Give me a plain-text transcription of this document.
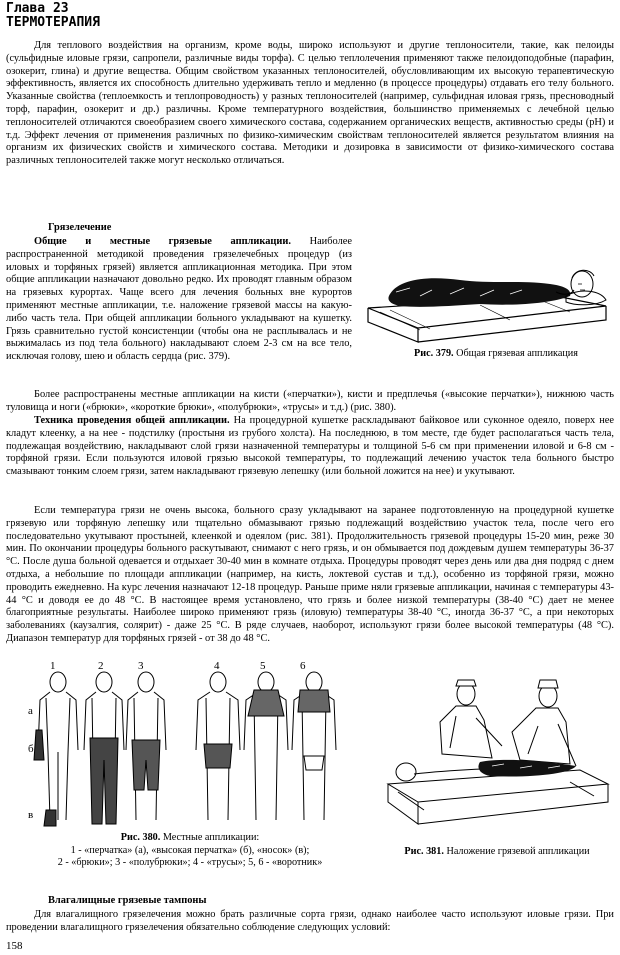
Глава 23

ТЕРМОТЕРАПИЯ

Для теплового воздействия на организм, кроме воды, широко используют и другие теплоносители, такие, как пелоиды (сульфидные иловые грязи, сапропели, различные виды торфа). С целью теплолечения применяют также пелоидоподобные (парафин, озокерит, глина) и другие вещества. Общим свойством указанных теплоносителей, обусловливающим их высокую терапевтическую эффективность, является их способность длительно удерживать тепло и медленно (в процессе процедуры) отдавать его телу больного. Указанные свойства (теплоемкость и теплопроводность) у разных теплоносителей (например, сульфидная иловая грязь, пресноводный торф, парафин, озокерит и др.) различны. Кроме температурного воздействия, большинство применяемых с лечебной целью теплоносителей отличаются своеобразием своего химического состава, содержанием органических веществ, активностью среды (рН) и т.д. Эффект лечения от применения различных по физико-химическим свойствам теплоносителей является результатом влияния на организм их физических свойств и химического состава. Методики и дозировка в зависимости от физико-химического состава различных теплоносителей также могут несколько отличаться.

Грязелечение

Общие и местные грязевые аппликации. Наиболее распространенной методикой проведения грязелечебных процедур (из иловых и торфяных грязей) является аппликационная методика. При этом общие аппликации назначают довольно редко. Их проводят главным образом на грязевых курортах. Чаще всего для лечения больных вне курортов применяют местные аппликации, т.е. наложение грязевой массы на какую-либо часть тела. При общей аппликации больного укладывают на кушетку. Грязь сравнительно густой консистенции (чтобы она не расплывалась и не выжималась из под тела больного) накладывают слоем 2-3 см на все тело, исключая голову, шею и область сердца (рис. 379).	Рис. 379. Общая грязевая аппликация

Более распространены местные аппликации на кисти («перчатки»), кисти и предплечья («высокие перчатки»), нижнюю часть туловища и ноги («брюки», «короткие брюки», «полубрюки», «трусы» и т.д.) (рис. 380).

Техника проведения общей аппликации. На процедурной кушетке раскладывают байковое или суконное одеяло, поверх нее кладут клеенку, а на нее - подстилку (простыня из грубого холста). На последнюю, в том месте, где будет располагаться часть тела, подлежащая воздействию, накладывают слой грязи назначенной температуры и толщиной 5-6 см при применении иловой и 6-8 см - торфяной грязи. Если пользуются иловой грязью высокой температуры, то подлежащий лечению участок тела больного быстро смазывают тонким слоем грязи, затем накладывают грязевую лепешку (или больной ложится на нее) и укутывают.

Если температура грязи не очень высока, больного сразу укладывают на заранее подготовленную на процедурной кушетке грязевую или торфяную лепешку или тщательно обмазывают грязью подлежащий воздействию участок тела, после чего его последовательно укутывают простыней, клеенкой и одеялом (рис. 381). Продолжительность грязевой процедуры 15-20 мин, реже 30 мин. По окончании процедуры больного раскутывают, снимают с него грязь, и он обмывается под дождевым душем температуры 36-37 °С. После душа больной одевается и отдыхает 30-40 мин в комнате отдыха. Процедуры проводят через день или два дня подряд с днем отдыха, а небольшие по площади аппликации (например, на кисть, локтевой сустав и т.д.), особенно из торфяной грязи, можно проводить ежедневно. На курс лечения назначают 12-18 процедур. Раньше приме няли грязевые аппликации, начиная с температуры 43-44 °С и доводя ее до 48 °С. В настоящее время установлено, что грязь и более низкой температуры (38-40 °С) дает не менее благоприятные результаты. Наиболее широко применяют грязь (иловую) температуры 38-40 °С, иногда 36-37 °С, а при некоторых заболеваниях (каузалгия, солярит) - даже 25 °С. В ряде случаев, наоборот, используют грязи более высокой температуры (48 °С). Диапазон температур для торфяных грязей - от 38 до 48 °С.

1	2	3	4	5	6
а
б
в

Рис. 380. Местные аппликации:
1 - «перчатка» (а), «высокая перчатка» (б), «носок» (в);
2 - «брюки»; 3 - «полубрюки»; 4 - «трусы»; 5, 6 - «воротник»

Рис. 381. Наложение грязевой аппликации

Влагалищные грязевые тампоны

Для влагалищного грязелечения можно брать различные сорта грязи, однако наиболее часто используют иловые грязи. При проведении влагалищного грязелечения обязательно соблюдение следующих условий:

158
